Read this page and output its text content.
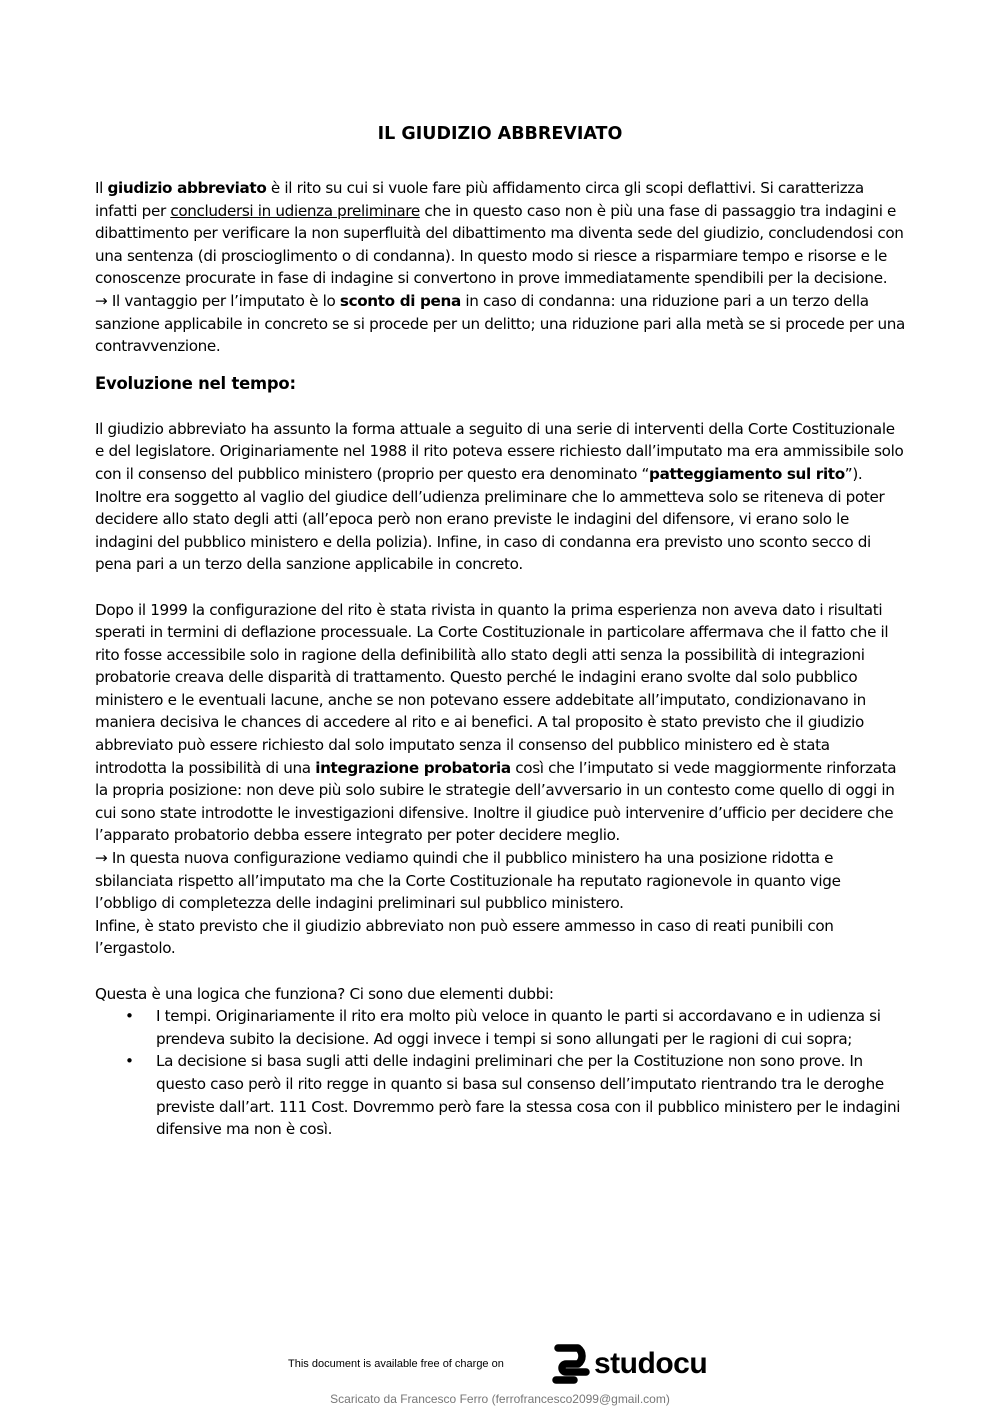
IL GIUDIZIO ABBREVIATO

Il giudizio abbreviato è il rito su cui si vuole fare più affidamento circa gli scopi deflattivi. Si caratterizza infatti per concludersi in udienza preliminare che in questo caso non è più una fase di passaggio tra indagini e dibattimento per verificare la non superfluità del dibattimento ma diventa sede del giudizio, concludendosi con una sentenza (di proscioglimento o di condanna). In questo modo si riesce a risparmiare tempo e risorse e le conoscenze procurate in fase di indagine si convertono in prove immediatamente spendibili per la decisione.

→ Il vantaggio per l’imputato è lo sconto di pena in caso di condanna: una riduzione pari a un terzo della sanzione applicabile in concreto se si procede per un delitto; una riduzione pari alla metà se si procede per una contravvenzione.

Evoluzione nel tempo:

Il giudizio abbreviato ha assunto la forma attuale a seguito di una serie di interventi della Corte Costituzionale e del legislatore. Originariamente nel 1988 il rito poteva essere richiesto dall’imputato ma era ammissibile solo con il consenso del pubblico ministero (proprio per questo era denominato “patteggiamento sul rito”). Inoltre era soggetto al vaglio del giudice dell’udienza preliminare che lo ammetteva solo se riteneva di poter decidere allo stato degli atti (all’epoca però non erano previste le indagini del difensore, vi erano solo le indagini del pubblico ministero e della polizia). Infine, in caso di condanna era previsto uno sconto secco di pena pari a un terzo della sanzione applicabile in concreto.

Dopo il 1999 la configurazione del rito è stata rivista in quanto la prima esperienza non aveva dato i risultati sperati in termini di deflazione processuale. La Corte Costituzionale in particolare affermava che il fatto che il rito fosse accessibile solo in ragione della definibilità allo stato degli atti senza la possibilità di integrazioni probatorie creava delle disparità di trattamento. Questo perché le indagini erano svolte dal solo pubblico ministero e le eventuali lacune, anche se non potevano essere addebitate all’imputato, condizionavano in maniera decisiva le chances di accedere al rito e ai benefici. A tal proposito è stato previsto che il giudizio abbreviato può essere richiesto dal solo imputato senza il consenso del pubblico ministero ed è stata introdotta la possibilità di una integrazione probatoria così che l’imputato si vede maggiormente rinforzata la propria posizione: non deve più solo subire le strategie dell’avversario in un contesto come quello di oggi in cui sono state introdotte le investigazioni difensive. Inoltre il giudice può intervenire d’ufficio per decidere che l’apparato probatorio debba essere integrato per poter decidere meglio.

→ In questa nuova configurazione vediamo quindi che il pubblico ministero ha una posizione ridotta e sbilanciata rispetto all’imputato ma che la Corte Costituzionale ha reputato ragionevole in quanto vige l’obbligo di completezza delle indagini preliminari sul pubblico ministero.

Infine, è stato previsto che il giudizio abbreviato non può essere ammesso in caso di reati punibili con l’ergastolo.

Questa è una logica che funziona? Ci sono due elementi dubbi:

• I tempi. Originariamente il rito era molto più veloce in quanto le parti si accordavano e in udienza si prendeva subito la decisione. Ad oggi invece i tempi si sono allungati per le ragioni di cui sopra;
• La decisione si basa sugli atti delle indagini preliminari che per la Costituzione non sono prove. In questo caso però il rito regge in quanto si basa sul consenso dell’imputato rientrando tra le deroghe previste dall’art. 111 Cost. Dovremmo però fare la stessa cosa con il pubblico ministero per le indagini difensive ma non è così.
This document is available free of charge on	studocu
Scaricato da Francesco Ferro (ferrofrancesco2099@gmail.com)
